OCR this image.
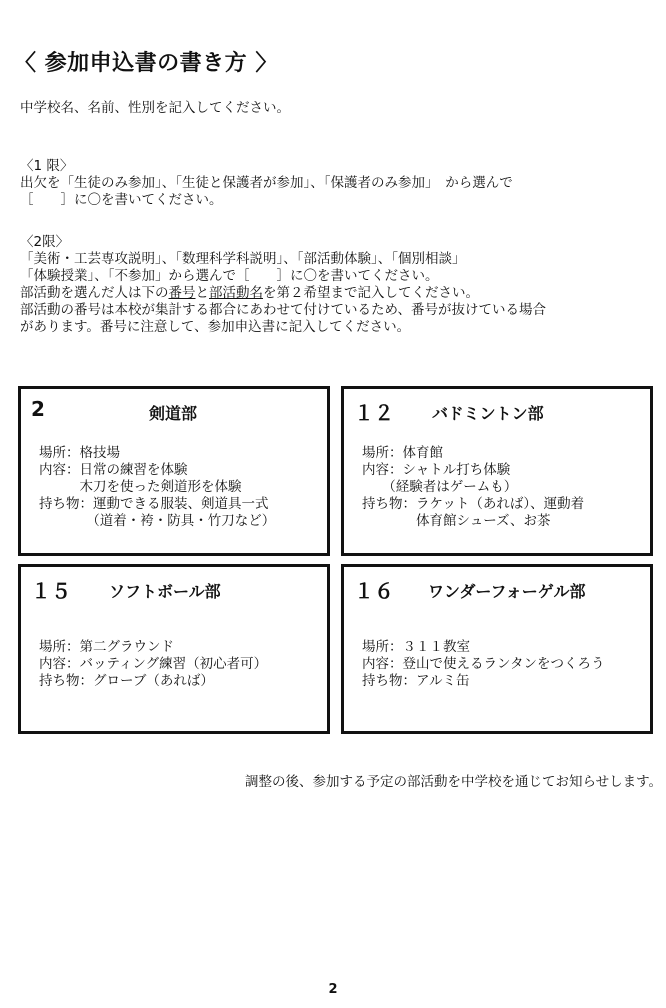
〈 参加申込書の書き方 〉
中学校名、名前、性別を記入してください。
〈1 限〉
出欠を「生徒のみ参加」、「生徒と保護者が参加」、「保護者のみ参加」　から選んで
［　　］に〇を書いてください。
〈2限〉
「美術・工芸専攻説明」、「数理科学科説明」、「部活動体験」、「個別相談」
「体験授業」、「不参加」から選んで［　　］に〇を書いてください。
部活動を選んだ人は下の番号と部活動名を第２希望まで記入してください。
部活動の番号は本校が集計する都合にあわせて付けているため、番号が抜けている場合
があります。番号に注意して、参加申込書に記入してください。
2	剣道部
場所：格技場
内容：日常の練習を体験
　　　木刀を使った剣道形を体験
持ち物：運動できる服装、剣道具一式
　　　　（道着・袴・防具・竹刀など）
１２ バドミントン部
場所：体育館
内容：シャトル打ち体験
　　（経験者はゲームも）
持ち物：ラケット（あれば）、運動着
　　　　体育館シューズ、お茶
１５ ソフトボール部
場所：第二グラウンド
内容：バッティング練習（初心者可）
持ち物：グローブ（あれば）
１６ ワンダーフォーゲル部
場所：３１１教室
内容：登山で使えるランタンをつくろう
持ち物：アルミ缶
調整の後、参加する予定の部活動を中学校を通じてお知らせします。
2
